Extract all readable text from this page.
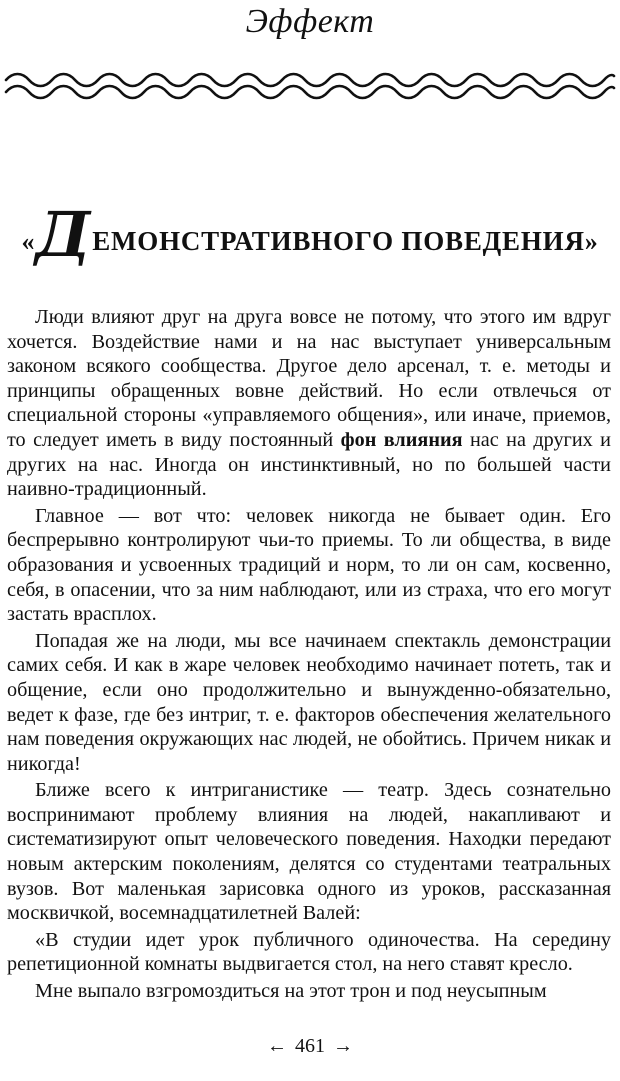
Эффект
«ДЕМОНСТРАТИВНОГО ПОВЕДЕНИЯ»

Люди влияют друг на друга вовсе не потому, что этого им вдруг хочется. Воздействие нами и на нас выступает универсальным законом всякого сообщества. Другое дело арсенал, т. е. методы и принципы обращенных вовне действий. Но если отвлечься от специальной стороны «управляемого общения», или иначе, приемов, то следует иметь в виду постоянный фон влияния нас на других и других на нас. Иногда он инстинктивный, но по большей части наивно-традиционный.

Главное — вот что: человек никогда не бывает один. Его беспрерывно контролируют чьи-то приемы. То ли общества, в виде образования и усвоенных традиций и норм, то ли он сам, косвенно, себя, в опасении, что за ним наблюдают, или из страха, что его могут застать врасплох.

Попадая же на люди, мы все начинаем спектакль демонстрации самих себя. И как в жаре человек необходимо начинает потеть, так и общение, если оно продолжительно и вынужденно-обязательно, ведет к фазе, где без интриг, т. е. факторов обеспечения желательного нам поведения окружающих нас людей, не обойтись. Причем никак и никогда!

Ближе всего к интриганистике — театр. Здесь сознательно воспринимают проблему влияния на людей, накапливают и систематизируют опыт человеческого поведения. Находки передают новым актерским поколениям, делятся со студентами театральных вузов. Вот маленькая зарисовка одного из уроков, рассказанная москвичкой, восемнадцатилетней Валей:

«В студии идет урок публичного одиночества. На середину репетиционной комнаты выдвигается стол, на него ставят кресло.

Мне выпало взгромоздиться на этот трон и под неусыпным

← 461 →
